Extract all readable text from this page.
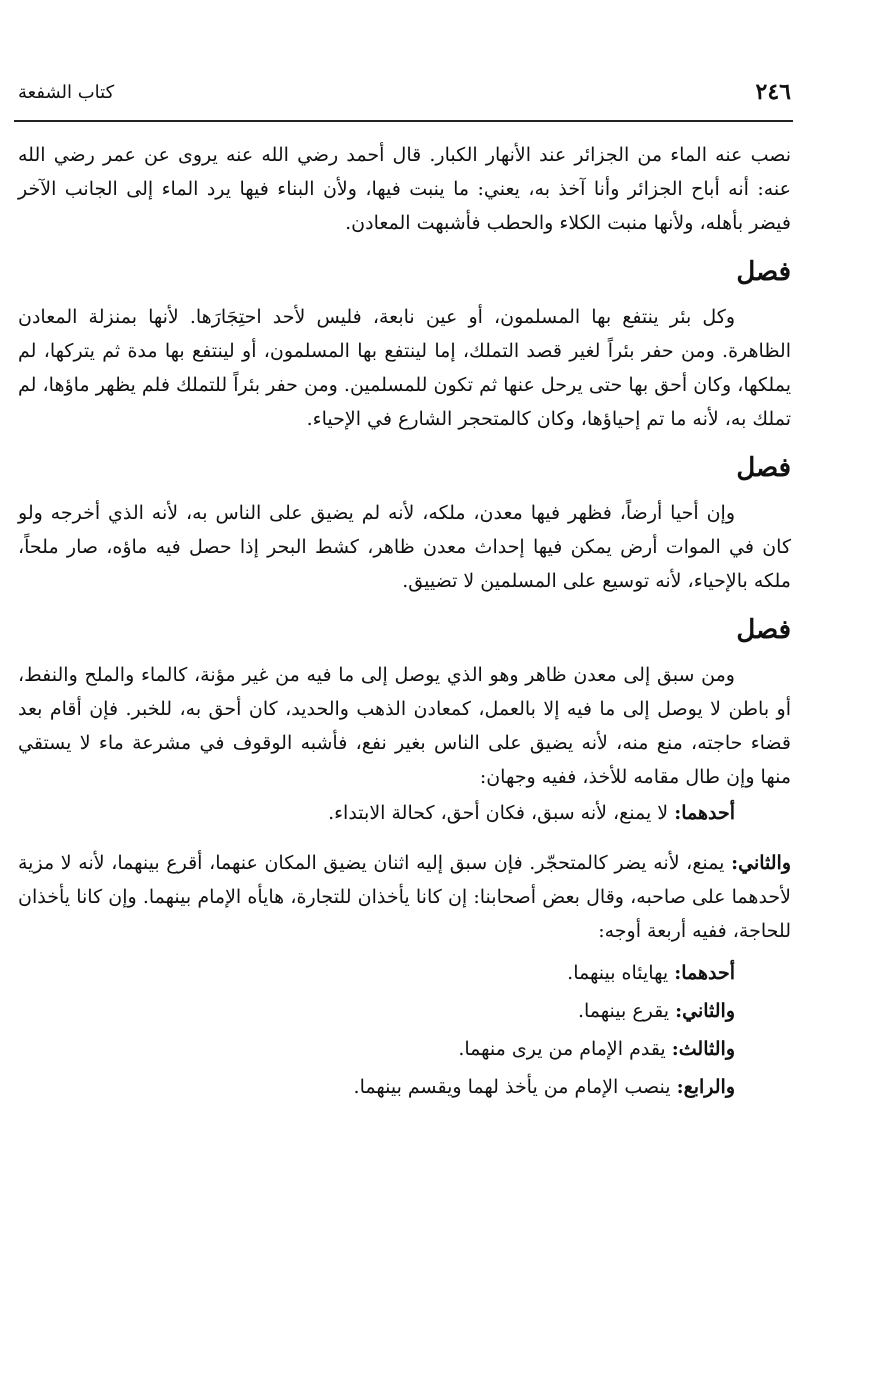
٢٤٦
كتاب الشفعة

نصب عنه الماء من الجزائر عند الأنهار الكبار. قال أحمد رضي الله عنه يروى عن عمر رضي الله عنه: أنه أباح الجزائر وأنا آخذ به، يعني: ما ينبت فيها، ولأن البناء فيها يرد الماء إلى الجانب الآخر فيضر بأهله، ولأنها منبت الكلاء والحطب فأشبهت المعادن.

فصل

وكل بئر ينتفع بها المسلمون، أو عين نابعة، فليس لأحد احتِجَارَها. لأنها بمنزلة المعادن الظاهرة. ومن حفر بئراً لغير قصد التملك، إما لينتفع بها المسلمون، أو لينتفع بها مدة ثم يتركها، لم يملكها، وكان أحق بها حتى يرحل عنها ثم تكون للمسلمين. ومن حفر بئراً للتملك فلم يظهر ماؤها، لم تملك به، لأنه ما تم إحياؤها، وكان كالمتحجر الشارع في الإحياء.

فصل

وإن أحيا أرضاً، فظهر فيها معدن، ملكه، لأنه لم يضيق على الناس به، لأنه الذي أخرجه ولو كان في الموات أرض يمكن فيها إحداث معدن ظاهر، كشط البحر إذا حصل فيه ماؤه، صار ملحاً، ملكه بالإحياء، لأنه توسيع على المسلمين لا تضييق.

فصل

ومن سبق إلى معدن ظاهر وهو الذي يوصل إلى ما فيه من غير مؤنة، كالماء والملح والنفط، أو باطن لا يوصل إلى ما فيه إلا بالعمل، كمعادن الذهب والحديد، كان أحق به، للخبر. فإن أقام بعد قضاء حاجته، منع منه، لأنه يضيق على الناس بغير نفع، فأشبه الوقوف في مشرعة ماء لا يستقي منها وإن طال مقامه للأخذ، ففيه وجهان:

أحدهما: لا يمنع، لأنه سبق، فكان أحق، كحالة الابتداء.

والثاني: يمنع، لأنه يضر كالمتحجّر. فإن سبق إليه اثنان يضيق المكان عنهما، أقرع بينهما، لأنه لا مزية لأحدهما على صاحبه، وقال بعض أصحابنا: إن كانا يأخذان للتجارة، هايأه الإمام بينهما. وإن كانا يأخذان للحاجة، ففيه أربعة أوجه:

أحدهما: يهايئاه بينهما.

والثاني: يقرع بينهما.

والثالث: يقدم الإمام من يرى منهما.

والرابع: ينصب الإمام من يأخذ لهما ويقسم بينهما.
